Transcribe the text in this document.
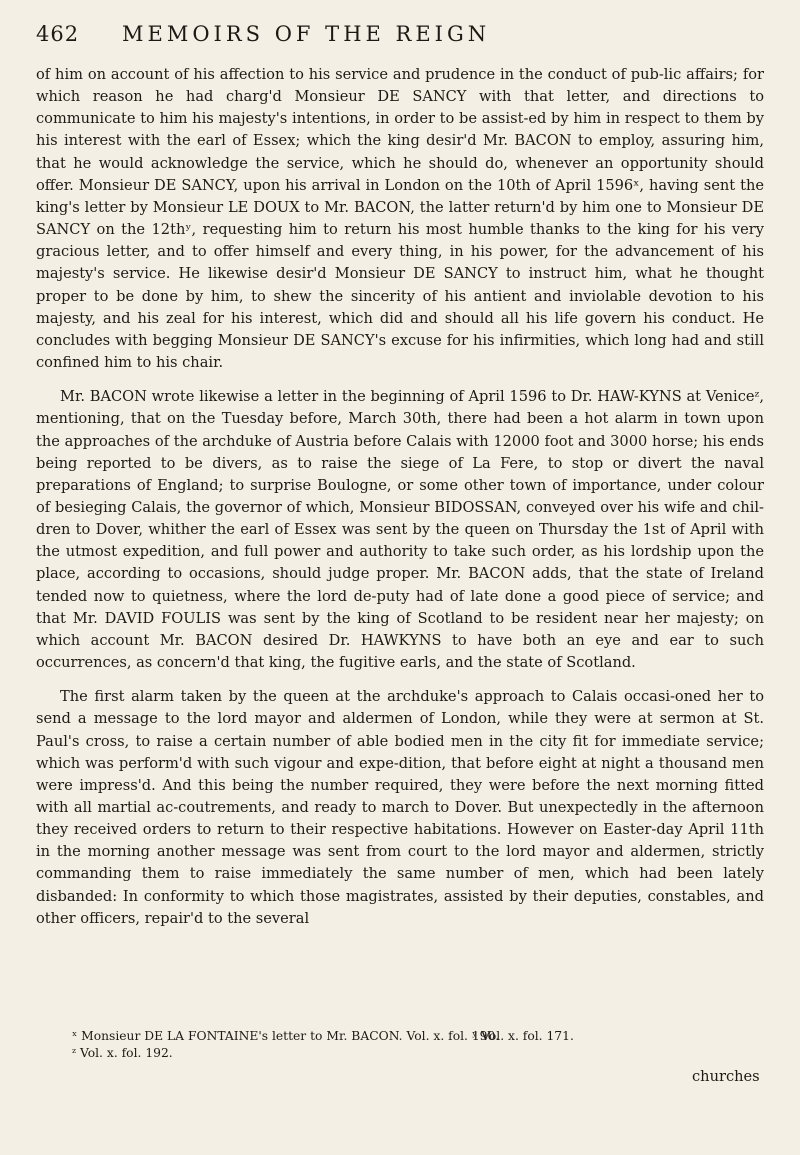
462 MEMOIRS OF THE REIGN

of him on account of his affection to his service and prudence in the conduct of pub-lic affairs; for which reason he had charg'd Monsieur DE SANCY with that letter, and directions to communicate to him his majesty's intentions, in order to be assist-ed by him in respect to them by his interest with the earl of Essex; which the king desir'd Mr. BACON to employ, assuring him, that he would acknowledge the service, which he should do, whenever an opportunity should offer. Monsieur DE SANCY, upon his arrival in London on the 10th of April 1596ˣ, having sent the king's letter by Monsieur LE DOUX to Mr. BACON, the latter return'd by him one to Monsieur DE SANCY on the 12thʸ, requesting him to return his most humble thanks to the king for his very gracious letter, and to offer himself and every thing, in his power, for the advancement of his majesty's service. He likewise desir'd Monsieur DE SANCY to instruct him, what he thought proper to be done by him, to shew the sincerity of his antient and inviolable devotion to his majesty, and his zeal for his interest, which did and should all his life govern his conduct. He concludes with begging Monsieur DE SANCY's excuse for his infirmities, which long had and still confined him to his chair.

Mr. BACON wrote likewise a letter in the beginning of April 1596 to Dr. HAW-KYNS at Veniceᶻ, mentioning, that on the Tuesday before, March 30th, there had been a hot alarm in town upon the approaches of the archduke of Austria before Calais with 12000 foot and 3000 horse; his ends being reported to be divers, as to raise the siege of La Fere, to stop or divert the naval preparations of England; to surprise Boulogne, or some other town of importance, under colour of besieging Calais, the governor of which, Monsieur BIDOSSAN, conveyed over his wife and chil-dren to Dover, whither the earl of Essex was sent by the queen on Thursday the 1st of April with the utmost expedition, and full power and authority to take such order, as his lordship upon the place, according to occasions, should judge proper. Mr. BACON adds, that the state of Ireland tended now to quietness, where the lord de-puty had of late done a good piece of service; and that Mr. DAVID FOULIS was sent by the king of Scotland to be resident near her majesty; on which account Mr. BACON desired Dr. HAWKYNS to have both an eye and ear to such occurrences, as concern'd that king, the fugitive earls, and the state of Scotland.

The first alarm taken by the queen at the archduke's approach to Calais occasi-oned her to send a message to the lord mayor and aldermen of London, while they were at sermon at St. Paul's cross, to raise a certain number of able bodied men in the city fit for immediate service; which was perform'd with such vigour and expe-dition, that before eight at night a thousand men were impress'd. And this being the number required, they were before the next morning fitted with all martial ac-coutrements, and ready to march to Dover. But unexpectedly in the afternoon they received orders to return to their respective habitations. However on Easter-day April 11th in the morning another message was sent from court to the lord mayor and aldermen, strictly commanding them to raise immediately the same number of men, which had been lately disbanded: In conformity to which those magistrates, assisted by their deputies, constables, and other officers, repair'd to the several

ˣ Monsieur DE LA FONTAINE's letter to Mr. BACON. Vol. x. fol. 190.
ʸ Vol. x. fol. 171.
ᶻ Vol. x. fol. 192.
churches
